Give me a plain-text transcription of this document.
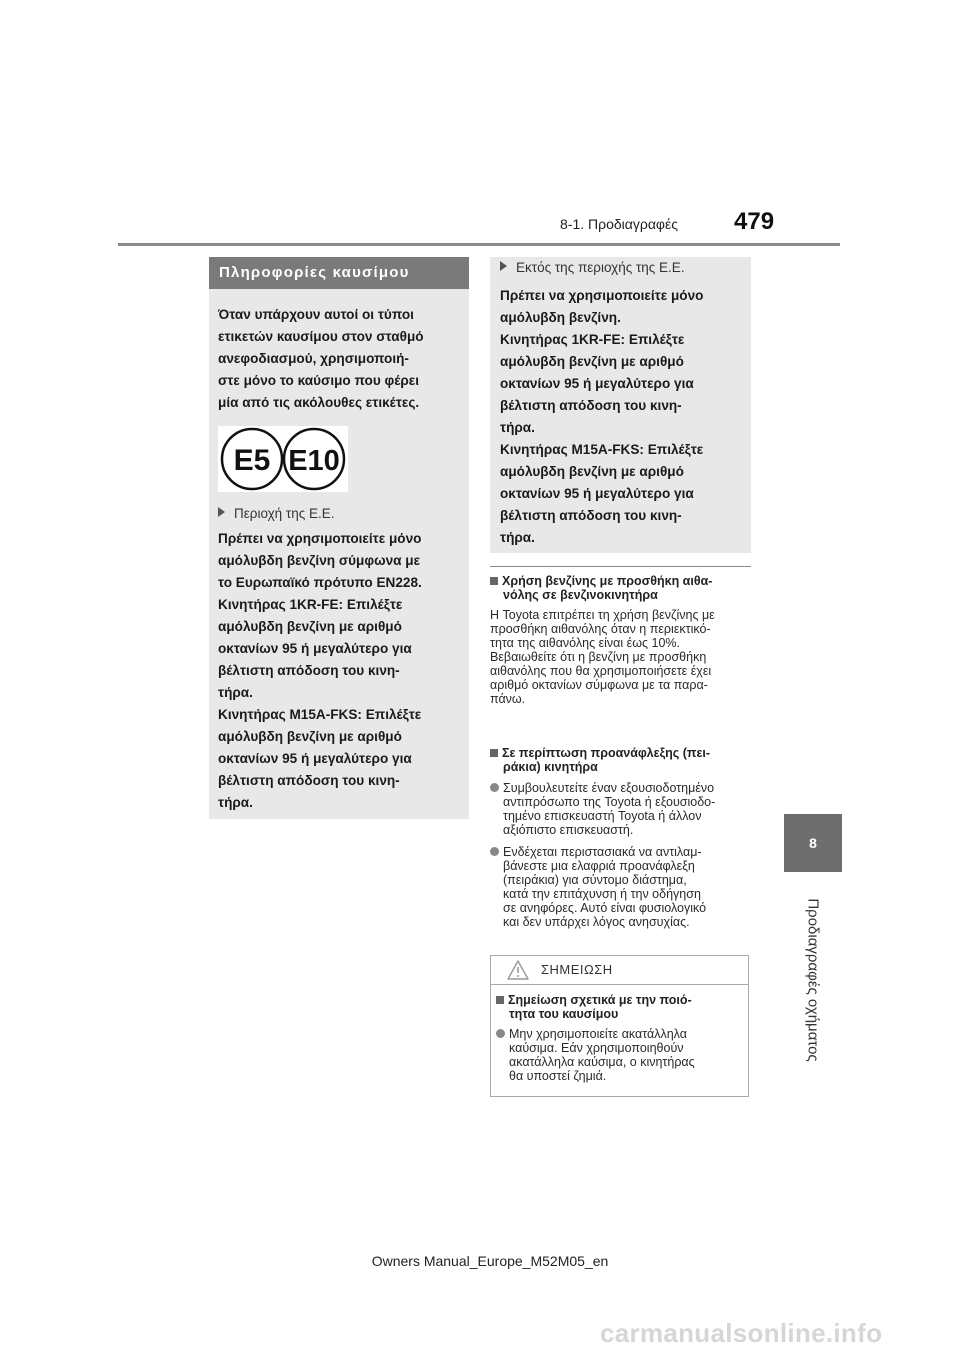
8-1. Προδιαγραφές	479
8
Προδιαγραφές οχήματος
Πληροφορίες καυσίμου
Όταν υπάρχουν αυτοί οι τύποι
ετικετών καυσίμου στον σταθμό
ανεφοδιασμού, χρησιμοποιή-
στε μόνο το καύσιμο που φέρει
μία από τις ακόλουθες ετικέτες.
E5 E10
Περιοχή της Ε.Ε.
Πρέπει να χρησιμοποιείτε μόνο
αμόλυβδη βενζίνη σύμφωνα με
το Ευρωπαϊκό πρότυπο EN228.
Κινητήρας 1KR-FE: Επιλέξτε
αμόλυβδη βενζίνη με αριθμό
οκτανίων 95 ή μεγαλύτερο για
βέλτιστη απόδοση του κινη-
τήρα.
Κινητήρας M15A-FKS: Επιλέξτε
αμόλυβδη βενζίνη με αριθμό
οκτανίων 95 ή μεγαλύτερο για
βέλτιστη απόδοση του κινη-
τήρα.
Εκτός της περιοχής της Ε.Ε.
Πρέπει να χρησιμοποιείτε μόνο
αμόλυβδη βενζίνη.
Κινητήρας 1KR-FE: Επιλέξτε
αμόλυβδη βενζίνη με αριθμό
οκτανίων 95 ή μεγαλύτερο για
βέλτιστη απόδοση του κινη-
τήρα.
Κινητήρας M15A-FKS: Επιλέξτε
αμόλυβδη βενζίνη με αριθμό
οκτανίων 95 ή μεγαλύτερο για
βέλτιστη απόδοση του κινη-
τήρα.
Χρήση βενζίνης με προσθήκη αιθα-
νόλης σε βενζινοκινητήρα
Η Toyota επιτρέπει τη χρήση βενζίνης με
προσθήκη αιθανόλης όταν η περιεκτικό-
τητα της αιθανόλης είναι έως 10%.
Βεβαιωθείτε ότι η βενζίνη με προσθήκη
αιθανόλης που θα χρησιμοποιήσετε έχει
αριθμό οκτανίων σύμφωνα με τα παρα-
πάνω.
Σε περίπτωση προανάφλεξης (πει-
ράκια) κινητήρα
Συμβουλευτείτε έναν εξουσιοδοτημένο
αντιπρόσωπο της Toyota ή εξουσιοδο-
τημένο επισκευαστή Toyota ή άλλον
αξιόπιστο επισκευαστή.
Ενδέχεται περιστασιακά να αντιλαμ-
βάνεστε μια ελαφριά προανάφλεξη
(πειράκια) για σύντομο διάστημα,
κατά την επιτάχυνση ή την οδήγηση
σε ανηφόρες. Αυτό είναι φυσιολογικό
και δεν υπάρχει λόγος ανησυχίας.
ΣΗΜΕΙΩΣΗ
Σημείωση σχετικά με την ποιό-
τητα του καυσίμου
Μην χρησιμοποιείτε ακατάλληλα
καύσιμα. Εάν χρησιμοποιηθούν
ακατάλληλα καύσιμα, ο κινητήρας
θα υποστεί ζημιά.
Owners Manual_Europe_M52M05_en
carmanualsonline.info
